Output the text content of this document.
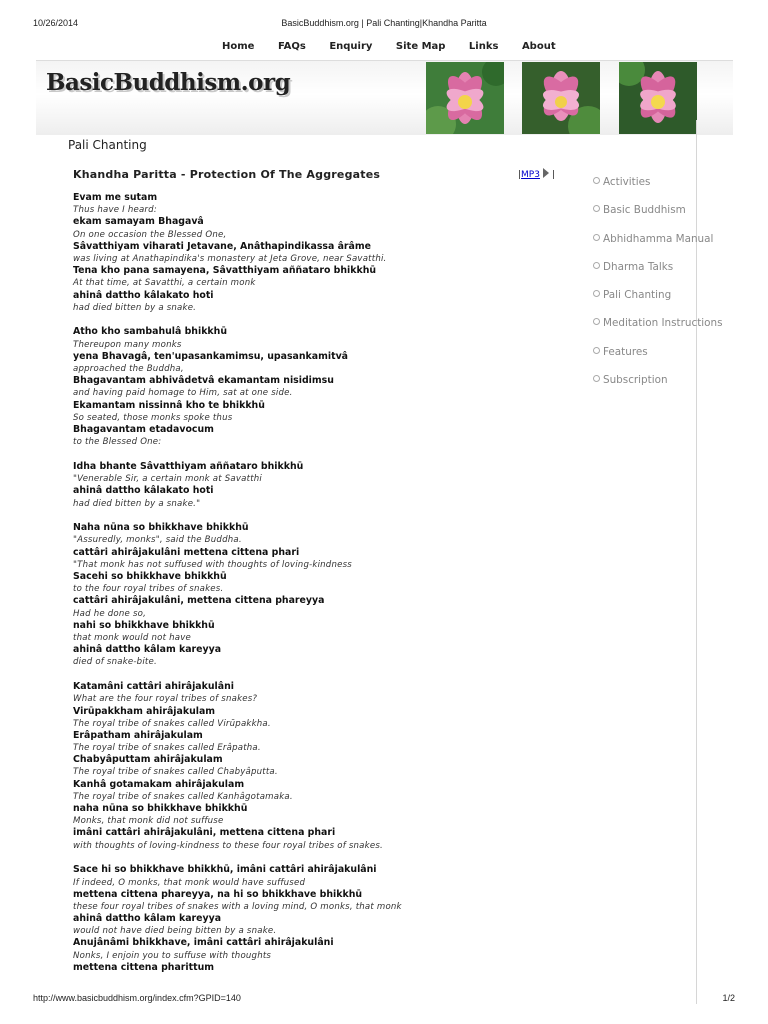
10/26/2014	BasicBuddhism.org | Pali Chanting|Khandha Paritta
Home FAQs Enquiry Site Map Links About
BasicBuddhism.org
Pali Chanting
Khandha Paritta - Protection Of The Aggregates	|MP3 |
Evam me sutam
Thus have I heard:
ekam samayam Bhagavâ
On one occasion the Blessed One,
Sâvatthiyam viharati Jetavane, Anâthapindikassa ârâme
was living at Anathapindika's monastery at Jeta Grove, near Savatthi.
Tena kho pana samayena, Sâvatthiyam aññataro bhikkhū
At that time, at Savatthi, a certain monk
ahinâ dattho kâlakato hoti
had died bitten by a snake.
Atho kho sambahulâ bhikkhū
Thereupon many monks
yena Bhavagâ, ten'upasankamimsu, upasankamitvâ
approached the Buddha,
Bhagavantam abhivâdetvâ ekamantam nisidimsu
and having paid homage to Him, sat at one side.
Ekamantam nissinnâ kho te bhikkhū
So seated, those monks spoke thus
Bhagavantam etadavocum
to the Blessed One:
Idha bhante Sâvatthiyam aññataro bhikkhū
"Venerable Sir, a certain monk at Savatthi
ahinâ dattho kâlakato hoti
had died bitten by a snake."
Naha nūna so bhikkhave bhikkhū
"Assuredly, monks", said the Buddha.
cattâri ahirâjakulâni mettena cittena phari
"That monk has not suffused with thoughts of loving-kindness
Sacehi so bhikkhave bhikkhū
to the four royal tribes of snakes.
cattâri ahirâjakulâni, mettena cittena phareyya
Had he done so,
nahi so bhikkhave bhikkhū
that monk would not have
ahinâ dattho kâlam kareyya
died of snake-bite.
Katamâni cattâri ahirâjakulâni
What are the four royal tribes of snakes?
Virūpakkham ahirâjakulam
The royal tribe of snakes called Virūpakkha.
Erâpatham ahirâjakulam
The royal tribe of snakes called Erâpatha.
Chabyâputtam ahirâjakulam
The royal tribe of snakes called Chabyâputta.
Kanhâ gotamakam ahirâjakulam
The royal tribe of snakes called Kanhâgotamaka.
naha nūna so bhikkhave bhikkhū
Monks, that monk did not suffuse
imâni cattâri ahirâjakulâni, mettena cittena phari
with thoughts of loving-kindness to these four royal tribes of snakes.
Sace hi so bhikkhave bhikkhū, imâni cattâri ahirâjakulâni
If indeed, O monks, that monk would have suffused
mettena cittena phareyya, na hi so bhikkhave bhikkhū
these four royal tribes of snakes with a loving mind, O monks, that monk
ahinâ dattho kâlam kareyya
would not have died being bitten by a snake.
Anujânâmi bhikkhave, imâni cattâri ahirâjakulâni
Nonks, I enjoin you to suffuse with thoughts
mettena cittena pharittum
Activities
Basic Buddhism
Abhidhamma Manual
Dharma Talks
Pali Chanting
Meditation Instructions
Features
Subscription
http://www.basicbuddhism.org/index.cfm?GPID=140	1/2
